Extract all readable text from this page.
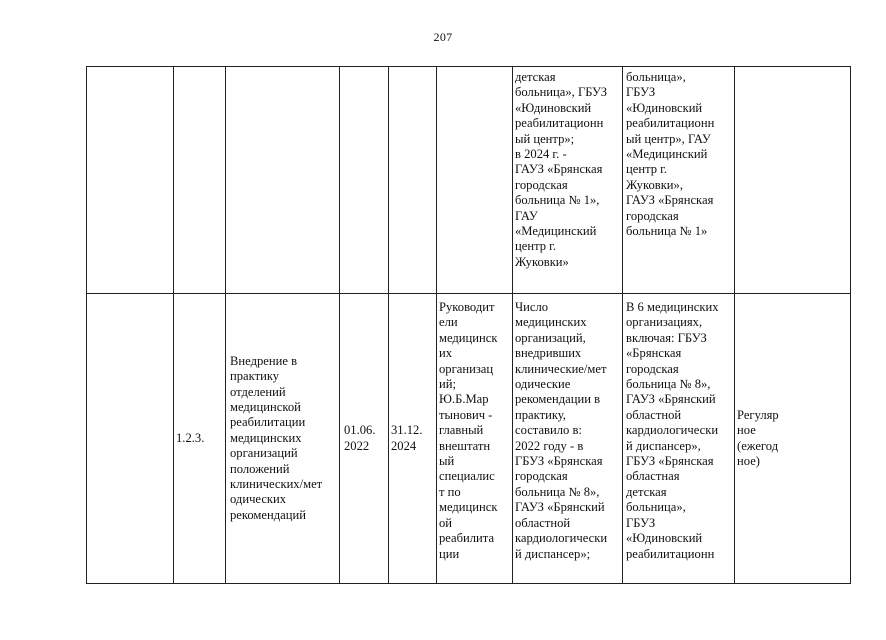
207
детская
больница», ГБУЗ
«Юдиновский
реабилитационн
ый центр»;
в 2024 г. -
ГАУЗ «Брянская
городская
больница № 1»,
ГАУ
«Медицинский
центр г.
Жуковки»
больница»,
ГБУЗ
«Юдиновский
реабилитационн
ый центр», ГАУ
«Медицинский
центр г.
Жуковки»,
ГАУЗ «Брянская
городская
больница № 1»
1.2.3.
Внедрение в
практику
отделений
медицинской
реабилитации
медицинских
организаций
положений
клинических/мет
одических
рекомендаций
01.06.
2022
31.12.
2024
Руководит
ели
медицинск
их
организац
ий;
Ю.Б.Мар
тынович -
главный
внештатн
ый
специалис
т по
медицинск
ой
реабилита
ции
Число
медицинских
организаций,
внедривших
клинические/мет
одические
рекомендации в
практику,
составило в:
2022 году - в
ГБУЗ «Брянская
городская
больница № 8»,
ГАУЗ «Брянский
областной
кардиологически
й диспансер»;
В 6 медицинских
организациях,
включая: ГБУЗ
«Брянская
городская
больница № 8»,
ГАУЗ «Брянский
областной
кардиологически
й диспансер»,
ГБУЗ «Брянская
областная
детская
больница»,
ГБУЗ
«Юдиновский
реабилитационн
Регуляр
ное
(ежегод
ное)
